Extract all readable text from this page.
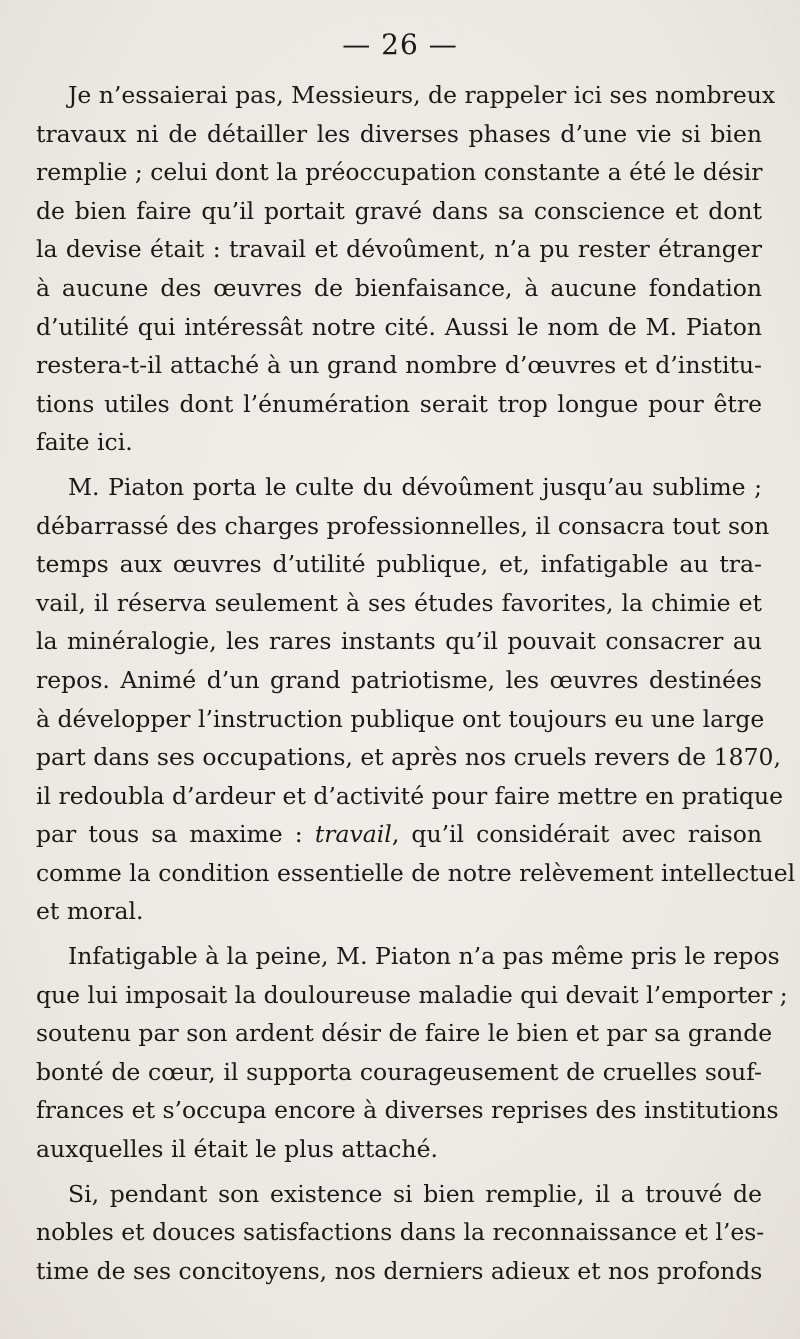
— 26 —
Je n’essaierai pas, Messieurs, de rappeler ici ses nombreux
travaux ni de détailler les diverses phases d’une vie si bien
remplie ; celui dont la préoccupation constante a été le désir
de bien faire qu’il portait gravé dans sa conscience et dont
la devise était : travail et dévoûment, n’a pu rester étranger
à aucune des œuvres de bienfaisance, à aucune fondation
d’utilité qui intéressât notre cité. Aussi le nom de M. Piaton
restera-t-il attaché à un grand nombre d’œuvres et d’institu-
tions utiles dont l’énumération serait trop longue pour être
faite ici.
M. Piaton porta le culte du dévoûment jusqu’au sublime ;
débarrassé des charges professionnelles, il consacra tout son
temps aux œuvres d’utilité publique, et, infatigable au tra-
vail, il réserva seulement à ses études favorites, la chimie et
la minéralogie, les rares instants qu’il pouvait consacrer au
repos. Animé d’un grand patriotisme, les œuvres destinées
à développer l’instruction publique ont toujours eu une large
part dans ses occupations, et après nos cruels revers de 1870,
il redoubla d’ardeur et d’activité pour faire mettre en pratique
par tous sa maxime : travail, qu’il considérait avec raison
comme la condition essentielle de notre relèvement intellectuel
et moral.
Infatigable à la peine, M. Piaton n’a pas même pris le repos
que lui imposait la douloureuse maladie qui devait l’emporter ;
soutenu par son ardent désir de faire le bien et par sa grande
bonté de cœur, il supporta courageusement de cruelles souf-
frances et s’occupa encore à diverses reprises des institutions
auxquelles il était le plus attaché.
Si, pendant son existence si bien remplie, il a trouvé de
nobles et douces satisfactions dans la reconnaissance et l’es-
time de ses concitoyens, nos derniers adieux et nos profonds
